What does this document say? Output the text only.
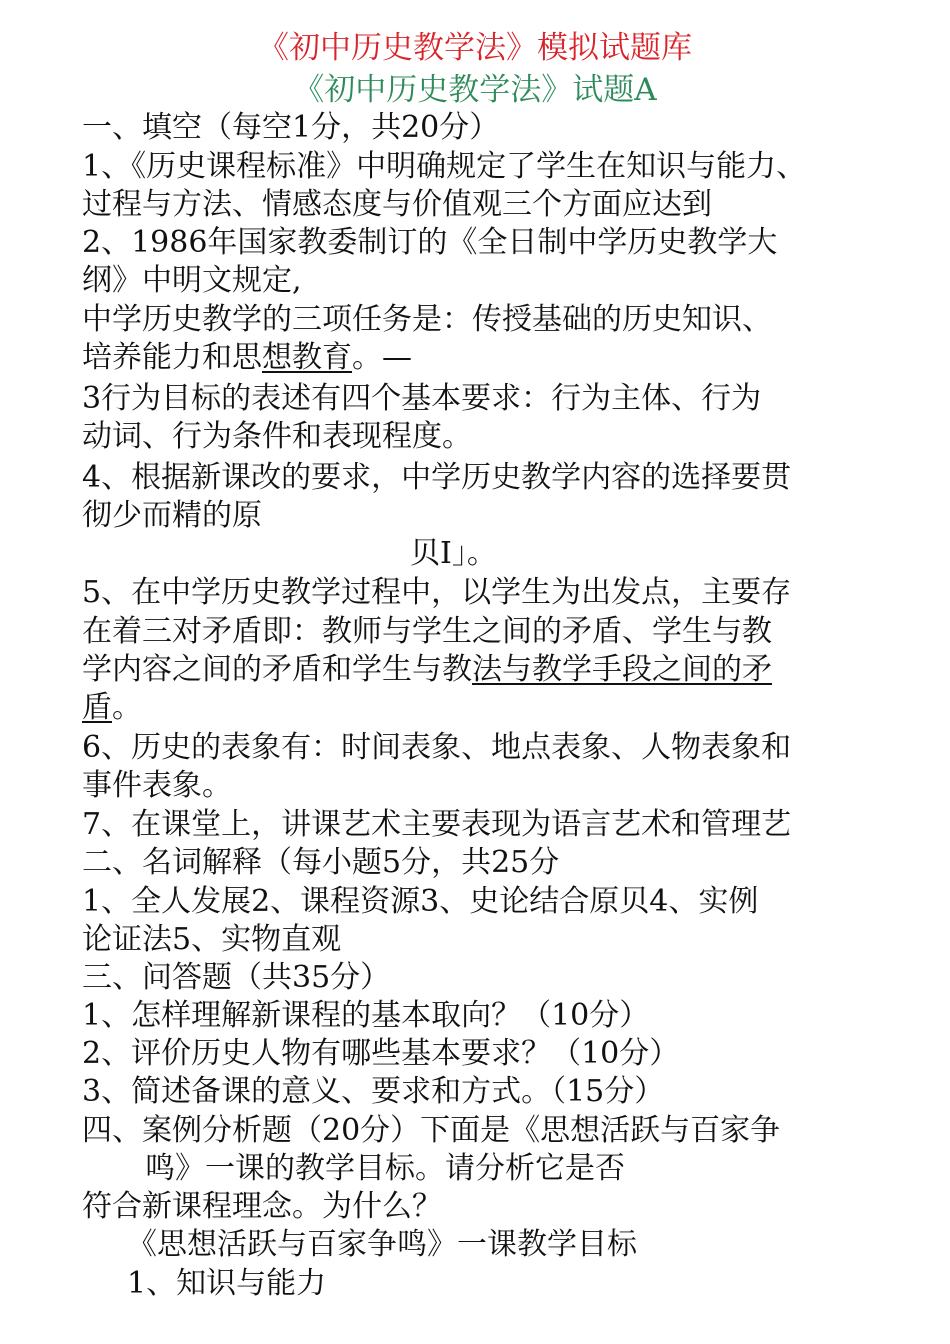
《初中历史教学法》模拟试题库
《初中历史教学法》试题A
一、填空（每空1分，共20分）
1、《历史课程标准》中明确规定了学生在知识与能力、
过程与方法、情感态度与价值观三个方面应达到
2、1986年国家教委制订的《全日制中学历史教学大
纲》中明文规定,
中学历史教学的三项任务是：传授基础的历史知识、
培养能力和思想教育。—
3行为目标的表述有四个基本要求：行为主体、行为
动词、行为条件和表现程度。
4、根据新课改的要求，中学历史教学内容的选择要贯
彻少而精的原
贝I」。
5、在中学历史教学过程中，以学生为出发点，主要存
在着三对矛盾即：教师与学生之间的矛盾、学生与教
学内容之间的矛盾和学生与教法与教学手段之间的矛
盾。
6、历史的表象有：时间表象、地点表象、人物表象和
事件表象。
7、在课堂上，讲课艺术主要表现为语言艺术和管理艺
二、名词解释（每小题5分，共25分
1、全人发展2、课程资源3、史论结合原贝4、实例
论证法5、实物直观
三、问答题（共35分）
1、怎样理解新课程的基本取向？（10分）
2、评价历史人物有哪些基本要求？（10分）
3、简述备课的意义、要求和方式。（15分）
四、案例分析题（20分）下面是《思想活跃与百家争
鸣》一课的教学目标。请分析它是否
符合新课程理念。为什么？
《思想活跃与百家争鸣》一课教学目标
1、知识与能力
